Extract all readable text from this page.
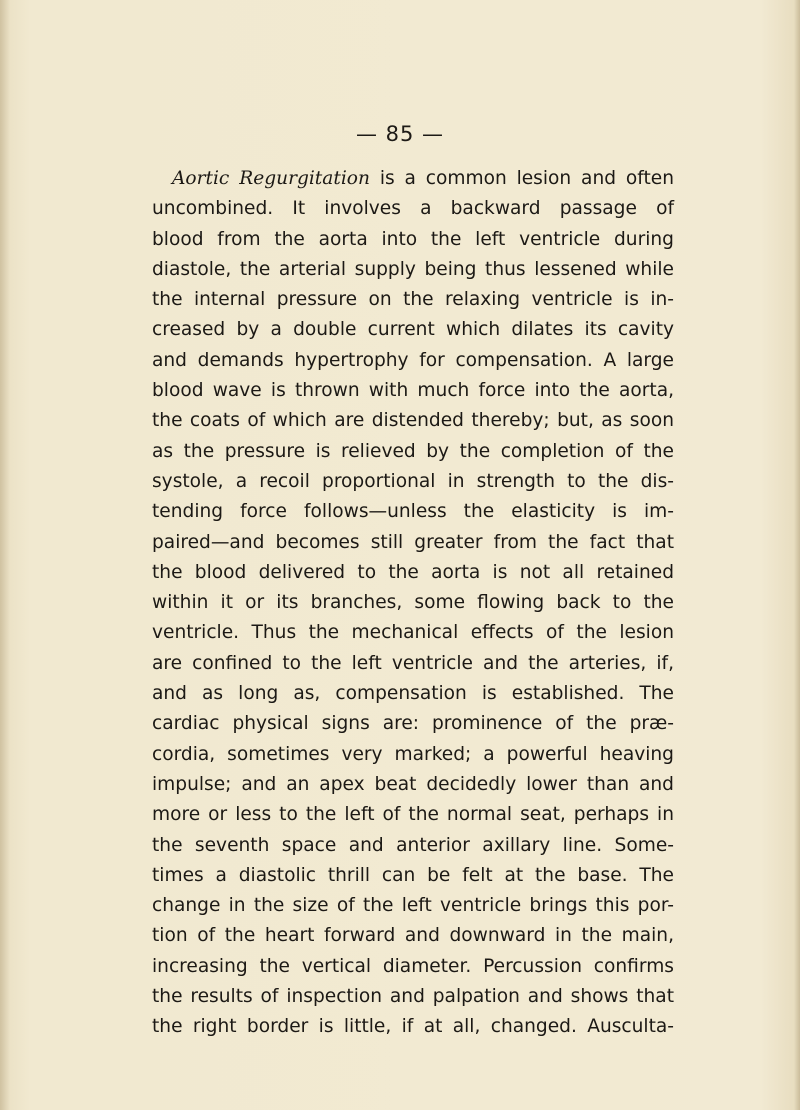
— 85 —
Aortic Regurgitation is a common lesion and often
uncombined. It involves a backward passage of
blood from the aorta into the left ventricle during
diastole, the arterial supply being thus lessened while
the internal pressure on the relaxing ventricle is in-
creased by a double current which dilates its cavity
and demands hypertrophy for compensation. A large
blood wave is thrown with much force into the aorta,
the coats of which are distended thereby; but, as soon
as the pressure is relieved by the completion of the
systole, a recoil proportional in strength to the dis-
tending force follows—unless the elasticity is im-
paired—and becomes still greater from the fact that
the blood delivered to the aorta is not all retained
within it or its branches, some flowing back to the
ventricle. Thus the mechanical effects of the lesion
are confined to the left ventricle and the arteries, if,
and as long as, compensation is established. The
cardiac physical signs are: prominence of the præ-
cordia, sometimes very marked; a powerful heaving
impulse; and an apex beat decidedly lower than and
more or less to the left of the normal seat, perhaps in
the seventh space and anterior axillary line. Some-
times a diastolic thrill can be felt at the base. The
change in the size of the left ventricle brings this por-
tion of the heart forward and downward in the main,
increasing the vertical diameter. Percussion confirms
the results of inspection and palpation and shows that
the right border is little, if at all, changed. Ausculta-
